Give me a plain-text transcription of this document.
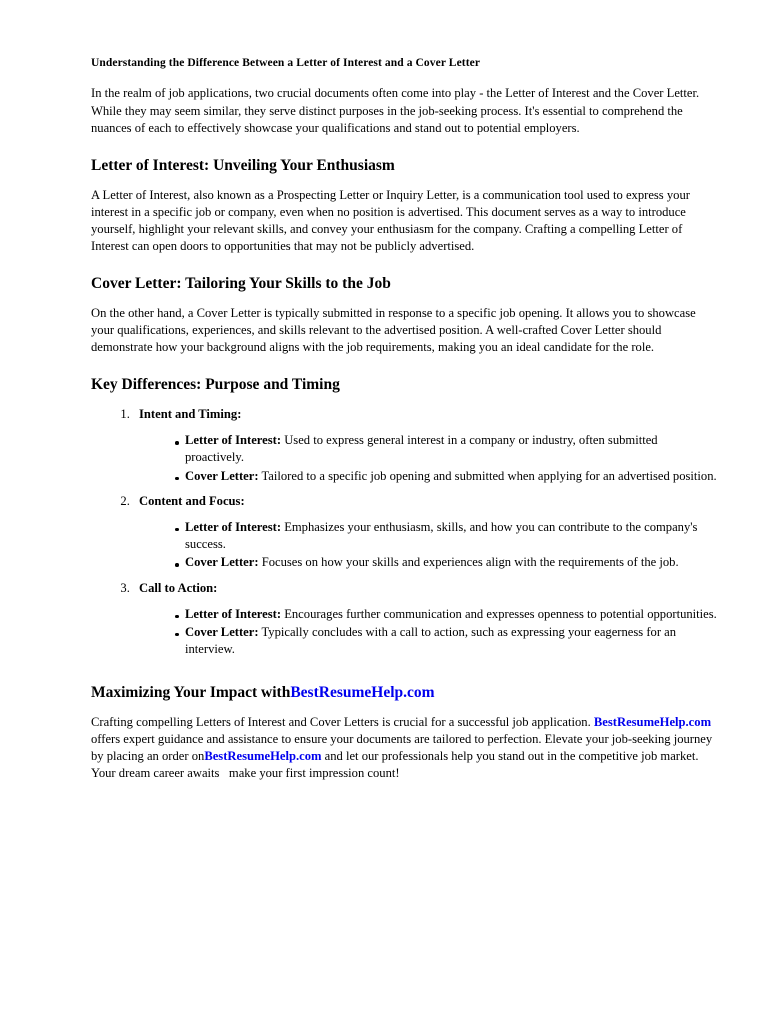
Understanding the Difference Between a Letter of Interest and a Cover Letter

In the realm of job applications, two crucial documents often come into play - the Letter of Interest and the Cover Letter. While they may seem similar, they serve distinct purposes in the job-seeking process. It's essential to comprehend the nuances of each to effectively showcase your qualifications and stand out to potential employers.

Letter of Interest: Unveiling Your Enthusiasm

A Letter of Interest, also known as a Prospecting Letter or Inquiry Letter, is a communication tool used to express your interest in a specific job or company, even when no position is advertised. This document serves as a way to introduce yourself, highlight your relevant skills, and convey your enthusiasm for the company. Crafting a compelling Letter of Interest can open doors to opportunities that may not be publicly advertised.

Cover Letter: Tailoring Your Skills to the Job

On the other hand, a Cover Letter is typically submitted in response to a specific job opening. It allows you to showcase your qualifications, experiences, and skills relevant to the advertised position. A well-crafted Cover Letter should demonstrate how your background aligns with the job requirements, making you an ideal candidate for the role.

Key Differences: Purpose and Timing
1. Intent and Timing:
Letter of Interest: Used to express general interest in a company or industry, often submitted proactively.
Cover Letter: Tailored to a specific job opening and submitted when applying for an advertised position.
2. Content and Focus:
Letter of Interest: Emphasizes your enthusiasm, skills, and how you can contribute to the company's success.
Cover Letter: Focuses on how your skills and experiences align with the requirements of the job.
3. Call to Action:
Letter of Interest: Encourages further communication and expresses openness to potential opportunities.
Cover Letter: Typically concludes with a call to action, such as expressing your eagerness for an interview.
Maximizing Your Impact withBestResumeHelp.com

Crafting compelling Letters of Interest and Cover Letters is crucial for a successful job application. BestResumeHelp.com offers expert guidance and assistance to ensure your documents are tailored to perfection. Elevate your job-seeking journey by placing an order onBestResumeHelp.com and let our professionals help you stand out in the competitive job market. Your dream career awaits   make your first impression count!
